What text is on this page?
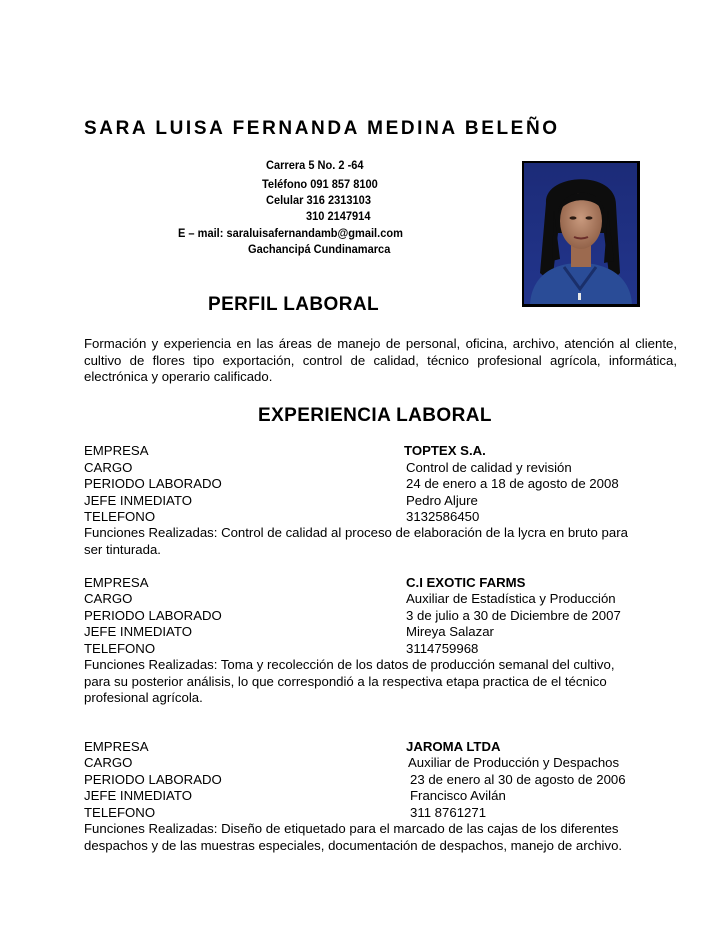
SARA LUISA FERNANDA MEDINA BELEÑO
Carrera 5 No. 2 -64
Teléfono 091 857 8100
Celular 316 2313103
310 2147914
E – mail: saraluisafernandamb@gmail.com
Gachancipá Cundinamarca
PERFIL LABORAL
Formación y experiencia en las áreas de manejo de personal, oficina, archivo, atención al cliente, cultivo de flores tipo exportación, control de calidad, técnico profesional agrícola, informática, electrónica y operario calificado.
EXPERIENCIA LABORAL
EMPRESA	TOPTEX S.A.
CARGO	Control de calidad y revisión
PERIODO LABORADO	24 de enero a 18 de agosto de 2008
JEFE INMEDIATO	Pedro Aljure
TELEFONO	3132586450
Funciones Realizadas: Control de calidad al proceso de elaboración de la lycra en bruto para
ser tinturada.
EMPRESA	C.I EXOTIC FARMS
CARGO	Auxiliar de Estadística y Producción
PERIODO LABORADO	3 de julio a 30 de Diciembre de 2007
JEFE INMEDIATO	Mireya Salazar
TELEFONO	3114759968
Funciones Realizadas: Toma y recolección de los datos de producción semanal del cultivo,
para su posterior análisis, lo que correspondió a la respectiva etapa practica de el técnico
profesional agrícola.
EMPRESA	JAROMA LTDA
CARGO	Auxiliar de Producción y Despachos
PERIODO LABORADO	23 de enero al 30 de agosto de 2006
JEFE INMEDIATO	Francisco Avilán
TELEFONO	311 8761271
Funciones Realizadas: Diseño de etiquetado para el marcado de las cajas de los diferentes
despachos y de las muestras especiales, documentación de despachos, manejo de archivo.
